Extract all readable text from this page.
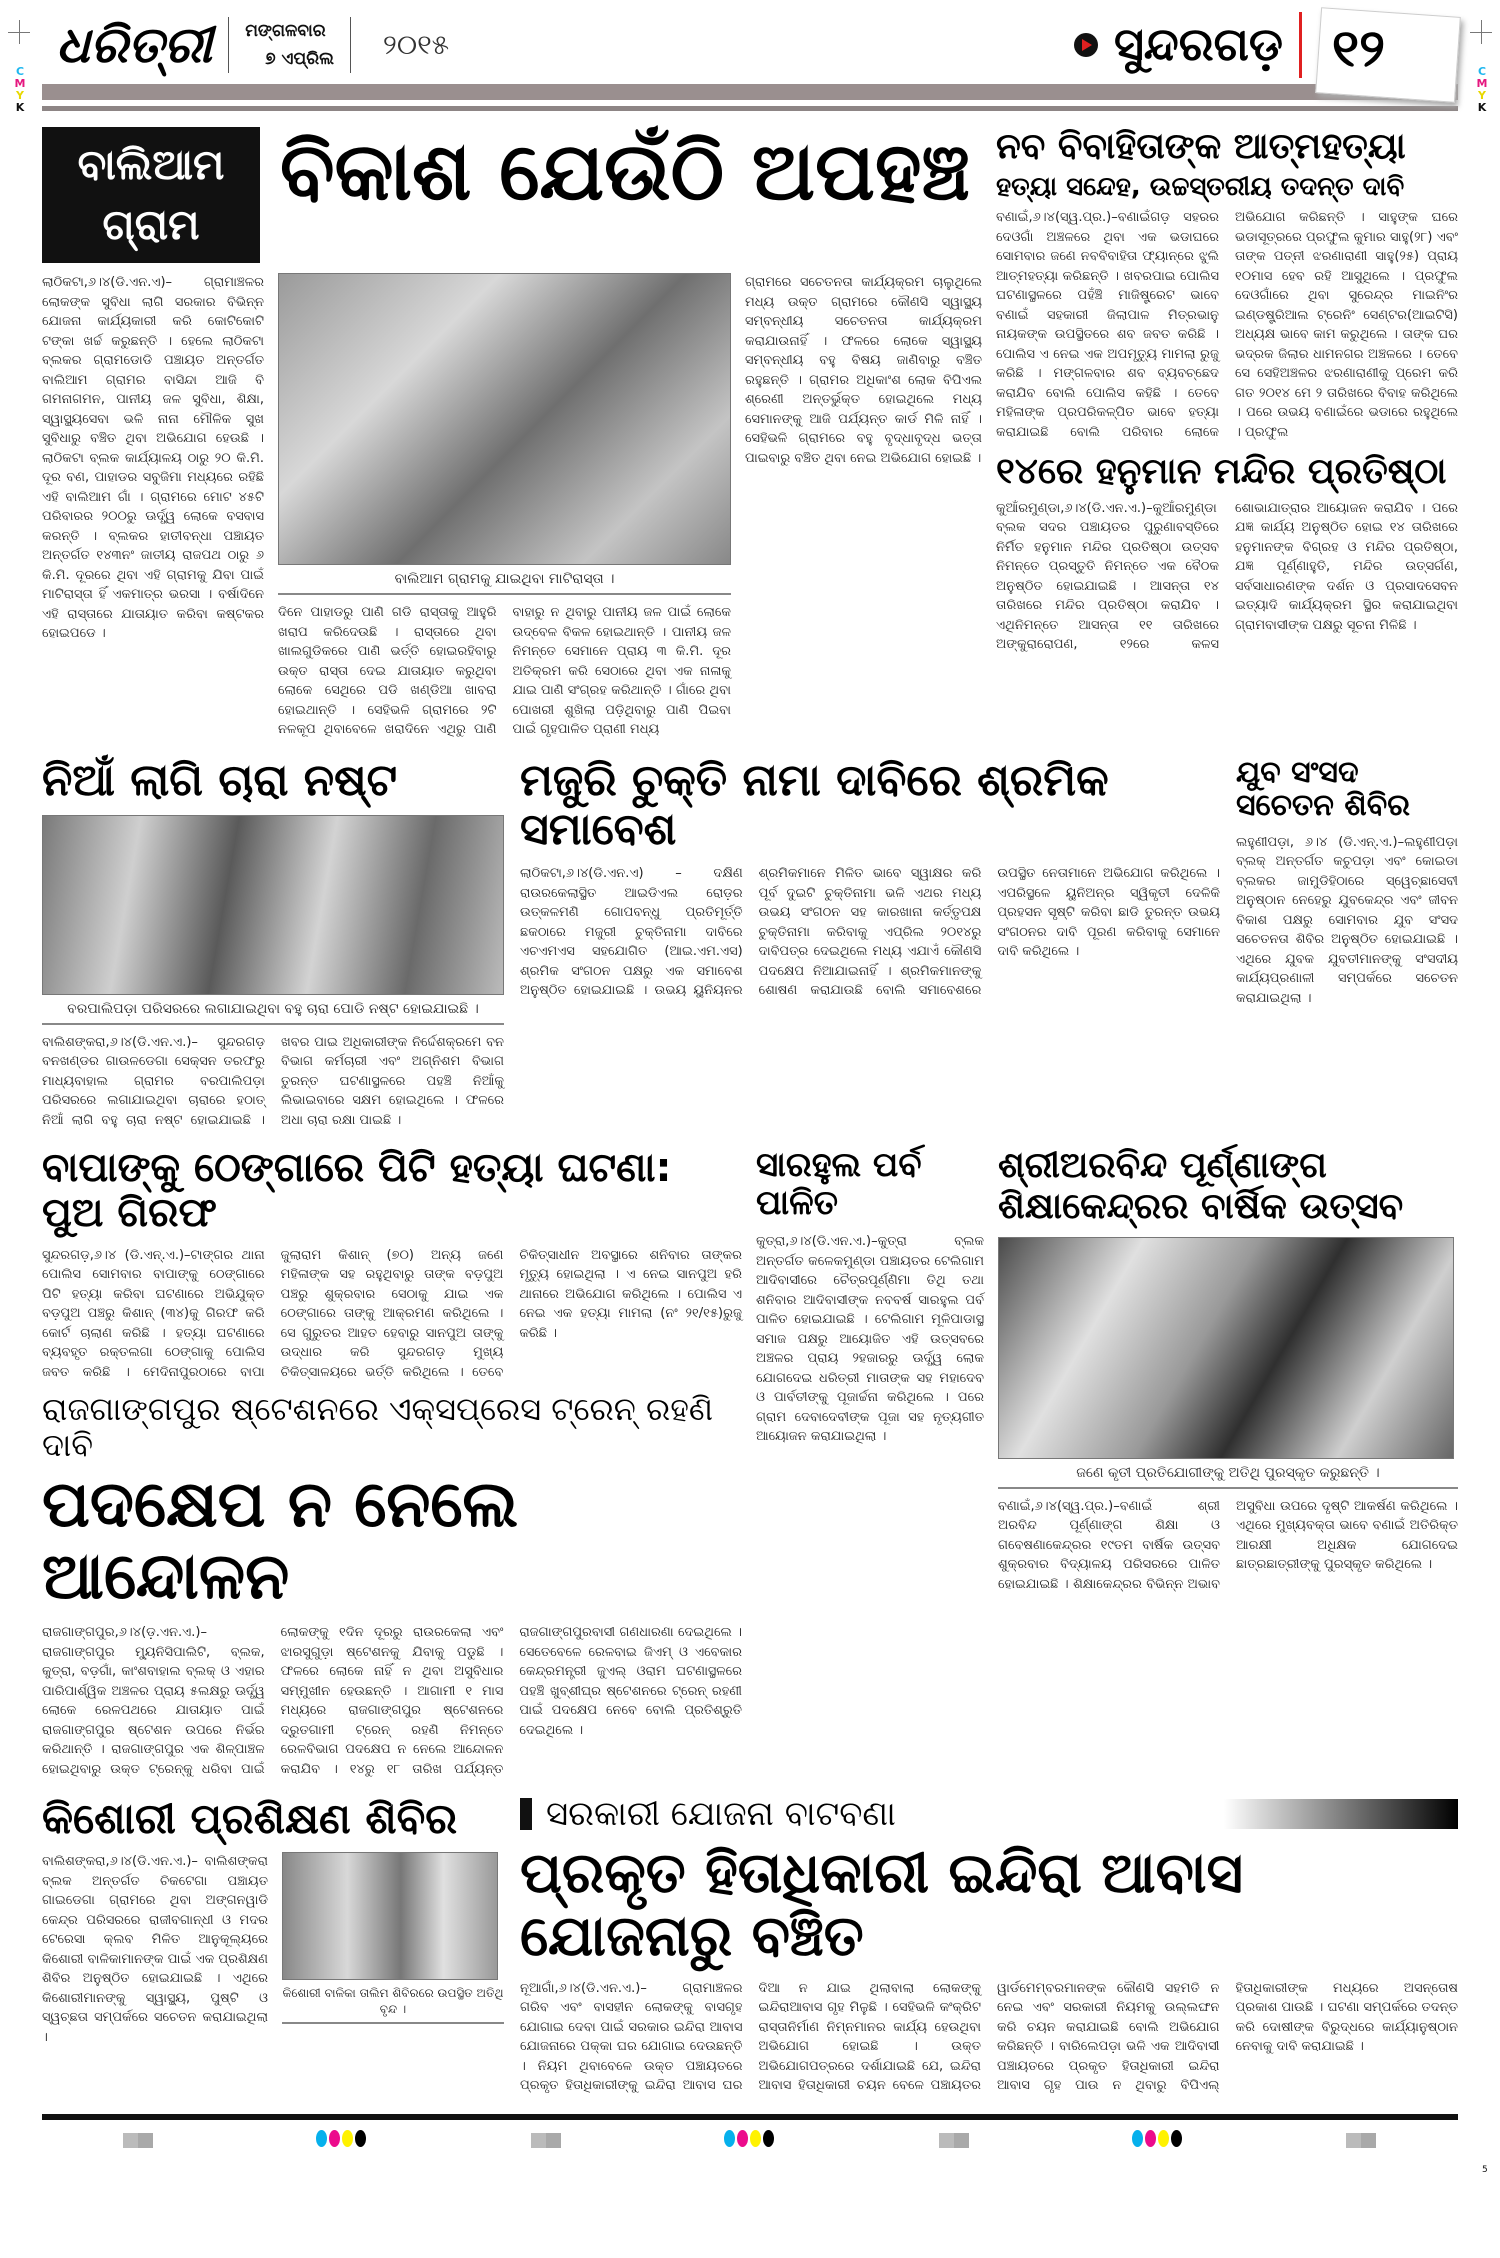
C
M
Y
K
C
M
Y
K
ଧରିତ୍ରୀ ମଙ୍ଗଳବାର
୭ ଏପ୍ରିଲ	୨୦୧୫	ସୁନ୍ଦରଗଡ଼ ୧୨
ବାଲିଆମ ଗ୍ରାମ
ବିକାଶ ଯେଉଁଠି ଅପହଞ୍ଚ
ଲାଠିକଟା,୬।୪(ଡି.ଏନ.ଏ)– ଗ୍ରାମାଞ୍ଚଳର ଲୋକଙ୍କ ସୁବିଧା ଲାଗି ସରକାର ବିଭିନ୍ନ ଯୋଜନା କାର୍ଯ୍ୟକାରୀ କରି କୋଟିକୋଟି ଟଙ୍କା ଖର୍ଚ୍ଚ କରୁଛନ୍ତି । ହେଲେ ଲାଠିକଟା ବ୍ଲକର ଗ୍ରାମଡୋଡି ପଞ୍ଚାୟତ ଅନ୍ତର୍ଗତ ବାଲିଆମ ଗ୍ରାମର ବାସିନ୍ଦା ଆଜି ବି ଗମନାଗମନ, ପାନୀୟ ଜଳ ସୁବିଧା, ଶିକ୍ଷା, ସ୍ୱାସ୍ଥ୍ୟସେବା ଭଳି ନାନା ମୌଳିକ ସୁଖ ସୁବିଧାରୁ ବଞ୍ଚିତ ଥିବା ଅଭିଯୋଗ ହେଉଛି । ଲାଠିକଟା ବ୍ଲକ କାର୍ଯ୍ୟାଳୟ ଠାରୁ ୨୦ କି.ମି. ଦୂର ବଣ, ପାହାଡର ସବୁଜିମା ମଧ୍ୟରେ ରହିଛି ଏହି ବାଲିଆମ ଗାଁ । ଗ୍ରାମରେ ମୋଟ ୪୫ଟି ପରିବାରର ୨୦୦ରୁ ଊର୍ଦ୍ଧ୍ୱ ଲୋକେ ବସବାସ କରନ୍ତି । ବ୍ଲକର ହାତୀବନ୍ଧା ପଞ୍ଚାୟତ ଅନ୍ତର୍ଗତ ୧୪୩ନଂ ଜାତୀୟ ରାଜପଥ ଠାରୁ ୬ କି.ମି. ଦୂରରେ ଥିବା ଏହି ଗ୍ରାମକୁ ଯିବା ପାଇଁ ମାଟିରାସ୍ତା ହିଁ ଏକମାତ୍ର ଭରସା । ବର୍ଷାଦିନେ ଏହି ରାସ୍ତାରେ ଯାତାୟାତ କରିବା କଷ୍ଟକର ହୋଇପଡେ ।
ବାଲିଆମ ଗ୍ରାମକୁ ଯାଇଥିବା ମାଟିରାସ୍ତା ।
ଦିନେ ପାହାଡରୁ ପାଣି ଗଡି ରାସ୍ତାକୁ ଆହୁରି ଖରାପ କରିଦେଉଛି । ରାସ୍ତାରେ ଥିବା ଖାଲଗୁଡିକରେ ପାଣି ଭର୍ତ୍ତି ହୋଇରହିବାରୁ ଉକ୍ତ ରାସ୍ତା ଦେଇ ଯାତାୟାତ କରୁଥିବା ଲୋକେ ସେଥିରେ ପଡି ଖଣ୍ଡିଆ ଖାବରା ହୋଇଥାନ୍ତି । ସେହିଭଳି ଗ୍ରାମରେ ୨ଟି ନଳକୂପ ଥିବାବେଳେ ଖରାଦିନେ ଏଥିରୁ ପାଣି ବାହାରୁ ନ ଥିବାରୁ ପାନୀୟ ଜଳ ପାଇଁ ଲୋକେ ଉଦ୍ବେଳ ବିକଳ ହୋଇଥାନ୍ତି । ପାନୀୟ ଜଳ ନିମନ୍ତେ ସେମାନେ ପ୍ରାୟ ୩ କି.ମି. ଦୂର ଅତିକ୍ରମ କରି ସେଠାରେ ଥିବା ଏକ ନାଳାକୁ ଯାଇ ପାଣି ସଂଗ୍ରହ କରିଥାନ୍ତି । ଗାଁରେ ଥିବା ପୋଖରୀ ଶୁଖିଲା ପଡ଼ିଥିବାରୁ ପାଣି ପିଇବା ପାଇଁ ଗୃହପାଳିତ ପ୍ରାଣୀ ମଧ୍ୟ
ଗ୍ରାମରେ ସଚେତନତା କାର୍ଯ୍ୟକ୍ରମ ଚାଲୁଥିଲେ ମଧ୍ୟ ଉକ୍ତ ଗ୍ରାମରେ କୌଣସି ସ୍ୱାସ୍ଥ୍ୟ ସମ୍ବନ୍ଧୀୟ ସଚେତନତା କାର୍ଯ୍ୟକ୍ରମ କରାଯାଉନାହିଁ । ଫଳରେ ଲୋକେ ସ୍ୱାସ୍ଥ୍ୟ ସମ୍ବନ୍ଧୀୟ ବହୁ ବିଷୟ ଜାଣିବାରୁ ବଞ୍ଚିତ ରହୁଛନ୍ତି । ଗ୍ରାମର ଅଧିକାଂଶ ଲୋକ ବିପିଏଲ ଶ୍ରେଣୀ ଅନ୍ତର୍ଭୁକ୍ତ ହୋଇଥିଲେ ମଧ୍ୟ ସେମାନଙ୍କୁ ଆଜି ପର୍ଯ୍ୟନ୍ତ କାର୍ଡ ମିଳି ନାହିଁ । ସେହିଭଳି ଗ୍ରାମରେ ବହୁ ବୃଦ୍ଧାବୃଦ୍ଧ ଭତ୍ତା ପାଇବାରୁ ବଞ୍ଚିତ ଥିବା ନେଇ ଅଭିଯୋଗ ହୋଇଛି ।
ନବ ବିବାହିତାଙ୍କ ଆତ୍ମହତ୍ୟା
ହତ୍ୟା ସନ୍ଦେହ, ଉଚ୍ଚସ୍ତରୀୟ ତଦନ୍ତ ଦାବି
ବଣାଇଁ,୬।୪(ସ୍ୱ.ପ୍ର.)–ବଣାଇଁଗଡ଼ ସହରର ଦେଓଗାଁ ଅଞ୍ଚଳରେ ଥିବା ଏକ ଭଡାଘରେ ସୋମବାର ଜଣେ ନବବିବାହିତା ଫ୍ୟାନ୍‌ରେ ଝୁଲି ଆତ୍ମହତ୍ୟା କରିଛନ୍ତି । ଖବରପାଇ ପୋଲିସ ଘଟଣାସ୍ଥଳରେ ପହଁଞ୍ଚି ମାଜିଷ୍ଟ୍ରେଟ ଭାବେ ବଣାଇଁ ସହକାରୀ ଜିଲାପାଳ ମିତ୍ରଭାନୁ ନାୟକଙ୍କ ଉପସ୍ଥିତରେ ଶବ ଜବତ କରିଛି । ପୋଲିସ ଏ ନେଇ ଏକ ଅପମୃତ୍ୟୁ ମାମଲା ରୁଜୁ କରିଛି । ମଙ୍ଗଳବାର ଶବ ବ୍ୟବଚ୍ଛେଦ କରାଯିବ ବୋଲି ପୋଲିସ କହିଛି । ତେବେ ମହିଳାଙ୍କ ପ୍ରପରିକଳ୍ପିତ ଭାବେ ହତ୍ୟା କରାଯାଇଛି ବୋଲି ପରିବାର ଲୋକେ ଅଭିଯୋଗ କରିଛନ୍ତି । ସାହୁଙ୍କ ଘରେ ଭଡାସୂତ୍ରରେ ପ୍ରଫୁଲ କୁମାର ସାହୁ(୨୮) ଏବଂ ତାଙ୍କ ପତ୍ନୀ ଝରଣାରାଣୀ ସାହୁ(୨୫) ପ୍ରାୟ ୧୦ମାସ ହେବ ରହି ଆସୁଥିଲେ । ପ୍ରଫୁଲ ଦେଓଗାଁରେ ଥିବା ସୁରେନ୍ଦ୍ର ମାଇନିଂର ଇଣ୍ଡଷ୍ଟ୍ରିଆଲ ଟ୍ରେନିଂ ସେଣ୍ଟର(ଆଇଟିସି) ଅଧ୍ୟକ୍ଷ ଭାବେ କାମ କରୁଥିଲେ । ତାଙ୍କ ଘର ଭଦ୍ରକ ଜିଲାର ଧାମନଗର ଅଞ୍ଚଳରେ । ତେବେ ସେ ସେହିଅଞ୍ଚଳର ଝରଣାରାଣୀକୁ ପ୍ରେମ କରି ଗତ ୨୦୧୪ ମେ ୨ ତାରିଖରେ ବିବାହ କରିଥିଲେ । ପରେ ଉଭୟ ବଣାଇଁରେ ଭଡାରେ ରହୁଥିଲେ । ପ୍ରଫୁଲ
୧୪ରେ ହନୁମାନ ମନ୍ଦିର ପ୍ରତିଷ୍ଠା
କୁଆଁରମୁଣ୍ଡା,୬।୪(ଡି.ଏନ.ଏ.)–କୁଆଁରମୁଣ୍ଡା ବ୍ଲକ ସଦର ପଞ୍ଚାୟତର ପୁରୁଣାବସ୍ତିରେ ନିର୍ମିତ ହନୁମାନ ମନ୍ଦିର ପ୍ରତିଷ୍ଠା ଉତ୍ସବ ନିମନ୍ତେ ପ୍ରସ୍ତୁତି ନିମନ୍ତେ ଏକ ବୈଠକ ଅନୁଷ୍ଠିତ ହୋଇଯାଇଛି । ଆସନ୍ତା ୧୪ ତାରିଖରେ ମନ୍ଦିର ପ୍ରତିଷ୍ଠା କରାଯିବ । ଏଥିନିମନ୍ତେ ଆସନ୍ତା ୧୧ ତାରିଖରେ ଅଙ୍କୁରାରୋପଣ, ୧୨ରେ କଳସ ଶୋଭାଯାତ୍ରାର ଆୟୋଜନ କରାଯିବ । ପରେ ଯଜ୍ଞ କାର୍ଯ୍ୟ ଅନୁଷ୍ଠିତ ହୋଇ ୧୪ ତାରିଖରେ ହନୁମାନଙ୍କ ବିଗ୍ରହ ଓ ମନ୍ଦିର ପ୍ରତିଷ୍ଠା, ଯଜ୍ଞ ପୂର୍ଣ୍ଣାହୁତି, ମନ୍ଦିର ଉତ୍ସର୍ଗଣ, ସର୍ବସାଧାରଣଙ୍କ ଦର୍ଶନ ଓ ପ୍ରସାଦସେବନ ଇତ୍ୟାଦି କାର୍ଯ୍ୟକ୍ରମ ସ୍ଥିର କରାଯାଇଥିବା ଗ୍ରାମବାସୀଙ୍କ ପକ୍ଷରୁ ସୂଚନା ମିଳିଛି ।
ନିଆଁ ଲାଗି ଚାରା ନଷ୍ଟ
ବରପାଲିପଡ଼ା ପରିସରରେ ଲଗାଯାଇଥିବା ବହୁ ଚାରା ପୋଡି ନଷ୍ଟ ହୋଇଯାଇଛି ।
ବାଲିଶଙ୍କରା,୬।୪(ଡି.ଏନ.ଏ.)– ସୁନ୍ଦରଗଡ଼ ବନଖଣ୍ଡର ଗାଉଳଡେଗା ସେକ୍ସନ ତରଫରୁ ମାଧ୍ୟବାହାଲ ଗ୍ରାମର ବରପାଲିପଡ଼ା ପରିସରରେ ଲଗାଯାଇଥିବା ଚାରାରେ ହଠାତ୍ ନିଆଁ ଲାଗି ବହୁ ଚାରା ନଷ୍ଟ ହୋଇଯାଇଛି । ଖବର ପାଇ ଅଧିକାରୀଙ୍କ ନିର୍ଦ୍ଦେଶକ୍ରମେ ବନ ବିଭାଗ କର୍ମଚାରୀ ଏବଂ ଅଗ୍ନିଶମ ବିଭାଗ ତୁରନ୍ତ ଘଟଣାସ୍ଥଳରେ ପହଞ୍ଚି ନିଆଁକୁ ଲିଭାଇବାରେ ସକ୍ଷମ ହୋଇଥିଲେ । ଫଳରେ ଅଧା ଚାରା ରକ୍ଷା ପାଇଛି ।
ମଜୁରି ଚୁକ୍ତି ନାମା ଦାବିରେ ଶ୍ରମିକ ସମାବେଶ
ଲାଠିକଟା,୬।୪(ଡି.ଏନ.ଏ) – ଦକ୍ଷିଣ ରାଉରକେଲାସ୍ଥିତ ଆଇଡିଏଲ ରୋଡ଼ର ଉତ୍କଳମଣି ଗୋପବନ୍ଧୁ ପ୍ରତିମୂର୍ତ୍ତି ଛକଠାରେ ମଜୁରୀ ଚୁକ୍ତିନାମା ଦାବିରେ ଏଚଏମଏସ ସହଯୋଗିତ (ଆଇ.ଏମ.ଏସ) ଶ୍ରମିକ ସଂଗଠନ ପକ୍ଷରୁ ଏକ ସମାବେଶ ଅନୁଷ୍ଠିତ ହୋଇଯାଇଛି । ଉଭୟ ୟୁନିୟନର ଶ୍ରମିକମାନେ ମିଳିତ ଭାବେ ସ୍ୱାକ୍ଷର କରି ପୂର୍ବ ଦୁଇଟି ଚୁକ୍ତିନାମା ଭଳି ଏଥର ମଧ୍ୟ ଉଭୟ ସଂଗଠନ ସହ କାରଖାନା କର୍ତ୍ତୃପକ୍ଷ ଚୁକ୍ତିନାମା କରିବାକୁ ଏପ୍ରିଲ ୨୦୧୪ରୁ ଦାବିପତ୍ର ଦେଇଥିଲେ ମଧ୍ୟ ଏଯାଏଁ କୌଣସି ପଦକ୍ଷେପ ନିଆଯାଇନାହିଁ । ଶ୍ରମିକମାନଙ୍କୁ ଶୋଷଣ କରାଯାଉଛି ବୋଲି ସମାବେଶରେ ଉପସ୍ଥିତ ନେତାମାନେ ଅଭିଯୋଗ କରିଥିଲେ । ଏପରିସ୍ଥଳେ ୟୁନିଅନ୍‌ର ସ୍ୱିକୃତୀ ଦେଳିକି ପ୍ରହସନ ସୃଷ୍ଟି କରିବା ଛାଡି ତୁରନ୍ତ ଉଭୟ ସଂଗଠନର ଦାବି ପୂରଣ କରିବାକୁ ସେମାନେ ଦାବି କରିଥିଲେ ।
ଯୁବ ସଂସଦ ସଚେତନ ଶିବିର
ଲହୁଣୀପଡ଼ା, ୬।୪ (ଡି.ଏନ୍.ଏ.)–ଲହୁଣୀପଡ଼ା ବ୍ଲକ୍ ଅନ୍ତର୍ଗତ କଚୁପଡ଼ା ଏବଂ କୋଇଡା ବ୍ଲକର ଜାମୁଡିହିଠାରେ ସ୍ୱେଚ୍ଛାସେବୀ ଅନୁଷ୍ଠାନ ନେହେରୁ ଯୁବକେନ୍ଦ୍ର ଏବଂ ଜୀବନ ବିକାଶ ପକ୍ଷରୁ ସୋମବାର ଯୁବ ସଂସଦ ସଚେତନତା ଶିବିର ଅନୁଷ୍ଠିତ ହୋଇଯାଇଛି । ଏଥିରେ ଯୁବକ ଯୁବତୀମାନଙ୍କୁ ସଂସଦୀୟ କାର୍ଯ୍ୟପ୍ରଣାଳୀ ସମ୍ପର୍କରେ ସଚେତନ କରାଯାଇଥିଲା ।
ବାପାଙ୍କୁ ଠେଙ୍ଗାରେ ପିଟି ହତ୍ୟା ଘଟଣା: ପୁଅ ଗିରଫ
ସୁନ୍ଦରଗଡ଼,୬।୪ (ଡି.ଏନ୍.ଏ.)–ଟାଙ୍ଗର ଥାନା ପୋଲିସ ସୋମବାର ବାପାଙ୍କୁ ଠେଙ୍ଗାରେ ପିଟି ହତ୍ୟା କରିବା ଘଟଣାରେ ଅଭିଯୁକ୍ତ ବଡ଼ପୁଅ ପଞ୍ଚରୁ କିଶାନ୍ (୩୪)କୁ ଗିରଫ କରି କୋର୍ଟ ଚାଲାଣ କରିଛି । ହତ୍ୟା ଘଟଣାରେ ବ୍ୟବହୃତ ରକ୍ତଲଗା ଠେଙ୍ଗାକୁ ପୋଲିସ ଜବତ କରିଛି । ମେଦିନାପୁରଠାରେ ବାପା ଜୁଲାରାମ କିଶାନ୍ (୭୦) ଅନ୍ୟ ଜଣେ ମହିଳାଙ୍କ ସହ ରହୁଥିବାରୁ ତାଙ୍କ ବଡ଼ପୁଅ ପଞ୍ଚରୁ ଶୁକ୍ରବାର ସେଠାକୁ ଯାଇ ଏକ ଠେଙ୍ଗାରେ ତାଙ୍କୁ ଆକ୍ରମଣ କରିଥିଲେ । ସେ ଗୁରୁତର ଆହତ ହେବାରୁ ସାନପୁଅ ତାଙ୍କୁ ଉଦ୍ଧାର କରି ସୁନ୍ଦରଗଡ଼ ମୁଖ୍ୟ ଚିକିତ୍ସାଳୟରେ ଭର୍ତ୍ତି କରିଥିଲେ । ତେବେ ଚିକିତ୍ସାଧୀନ ଅବସ୍ଥାରେ ଶନିବାର ତାଙ୍କର ମୃତ୍ୟୁ ହୋଇଥିଲା । ଏ ନେଇ ସାନପୁଅ ହରି ଥାନାରେ ଅଭିଯୋଗ କରିଥିଲେ । ପୋଲିସ ଏ ନେଇ ଏକ ହତ୍ୟା ମାମଲା (ନଂ ୨୧/୧୫)ରୁଜୁ କରିଛି ।
ରାଜଗାଙ୍ଗପୁର ଷ୍ଟେଶନରେ ଏକ୍ସପ୍ରେସ ଟ୍ରେନ୍ ରହଣି ଦାବି
ପଦକ୍ଷେପ ନ ନେଲେ ଆନ୍ଦୋଳନ
ରାଜଗାଙ୍ଗପୁର,୬।୪(ଡ଼.ଏନ.ଏ.)–ରାଜଗାଙ୍ଗପୁର ମ୍ୟୁନିସିପାଲିଟି, ବ୍ଲକ, କୁତ୍ରା, ବଡ଼ଗାଁ, କାଂଶବାହାଲ ବ୍ଲକ୍ ଓ ଏହାର ପାରିପାର୍ଶ୍ୱିକ ଅଞ୍ଚଳର ପ୍ରାୟ ୫ଲକ୍ଷରୁ ଊର୍ଦ୍ଧ୍ୱ ଲୋକେ ରେଳପଥରେ ଯାତାୟାତ ପାଇଁ ରାଜଗାଙ୍ଗପୁର ଷ୍ଟେଶନ ଉପରେ ନିର୍ଭର କରିଥାନ୍ତି । ରାଜଗାଙ୍ଗପୁର ଏକ ଶିଳ୍ପାଞ୍ଚଳ ହୋଇଥିବାରୁ ଉକ୍ତ ଟ୍ରେନ୍‌କୁ ଧରିବା ପାଇଁ ଲୋକଙ୍କୁ ୧ଦିନ ଦୂରରୁ ରାଉରକେଲା ଏବଂ ଝାରସୁଗୁଡ଼ା ଷ୍ଟେଶନକୁ ଯିବାକୁ ପଡୁଛି । ଫଳରେ ଲୋକେ ନାହିଁ ନ ଥିବା ଅସୁବିଧାର ସମ୍ମୁଖୀନ ହେଉଛନ୍ତି । ଆଗାମୀ ୧ ମାସ ମଧ୍ୟରେ ରାଜଗାଙ୍ଗପୁର ଷ୍ଟେଶନରେ ଦ୍ରୁତଗାମୀ ଟ୍ରେନ୍ ରହଣି ନିମନ୍ତେ ରେଳବିଭାଗ ପଦକ୍ଷେପ ନ ନେଲେ ଆନ୍ଦୋଳନ କରାଯିବ । ୧୪ରୁ ୧୮ ତାରିଖ ପର୍ଯ୍ୟନ୍ତ ରାଜଗାଙ୍ଗପୁରବାସୀ ଗଣଧାରଣା ଦେଇଥିଲେ । ସେତେବେଳେ ରେଳବାଇ ଜିଏମ୍ ଓ ଏବେକାର କେନ୍ଦ୍ରମନ୍ତ୍ରୀ ଜୁଏଲ୍ ଓରାମ ଘଟଣାସ୍ଥଳରେ ପହଞ୍ଚି ଖୁବ୍‌ଶୀଘ୍ର ଷ୍ଟେଶନରେ ଟ୍ରେନ୍ ରହଣୀ ପାଇଁ ପଦକ୍ଷେପ ନେବେ ବୋଲି ପ୍ରତିଶ୍ରୁତି ଦେଇଥିଲେ ।
ସାରହୁଲ ପର୍ବ ପାଳିତ
କୁତ୍ରା,୬।୪(ଡି.ଏନ.ଏ.)–କୁତ୍ରା ବ୍ଲକ ଅନ୍ତର୍ଗତ କଳେକମୁଣ୍ଡା ପଞ୍ଚାୟତର ଟେଲିଗାମ ଆଦିବାସୀରେ ଚୈତ୍ରପୂର୍ଣ୍ଣିମା ତିଥି ତଥା ଶନିବାର ଆଦିବାସୀଙ୍କ ନବବର୍ଷ ସାରହୁଲ ପର୍ବ ପାଳିତ ହୋଇଯାଇଛି । ଟେଲିଗାମ ମୂଳିପାଡାସ୍ଥ ସମାଜ ପକ୍ଷରୁ ଆୟୋଜିତ ଏହି ଉତ୍ସବରେ ଅଞ୍ଚଳର ପ୍ରାୟ ୨ହଜାରରୁ ଊର୍ଦ୍ଧ୍ୱ ଲୋକ ଯୋଗଦେଇ ଧରିତ୍ରୀ ମାତାଙ୍କ ସହ ମହାଦେବ ଓ ପାର୍ବତୀଙ୍କୁ ପୂଜାର୍ଚ୍ଚନା କରିଥିଲେ । ପରେ ଗ୍ରାମ ଦେବାଦେବୀଙ୍କ ପୂଜା ସହ ନୃତ୍ୟଗୀତ ଆୟୋଜନ କରାଯାଇଥିଲା ।
ଶ୍ରୀଅରବିନ୍ଦ ପୂର୍ଣ୍ଣାଙ୍ଗ ଶିକ୍ଷାକେନ୍ଦ୍ରର ବାର୍ଷିକ ଉତ୍ସବ
ଜଣେ କୃତୀ ପ୍ରତିଯୋଗୀଙ୍କୁ ଅତିଥି ପୁରସ୍କୃତ କରୁଛନ୍ତି ।
ବଣାଇଁ,୬।୪(ସ୍ୱ.ପ୍ର.)–ବଣାଇଁ ଶ୍ରୀ ଅରବିନ୍ଦ ପୂର୍ଣ୍ଣାଙ୍ଗ ଶିକ୍ଷା ଓ ଗବେଷଣାକେନ୍ଦ୍ରର ୧୯ତମ ବାର୍ଷିକ ଉତ୍ସବ ଶୁକ୍ରବାର ବିଦ୍ୟାଳୟ ପରିସରରେ ପାଳିତ ହୋଇଯାଇଛି । ଶିକ୍ଷାକେନ୍ଦ୍ରର ବିଭିନ୍ନ ଅଭାବ ଅସୁବିଧା ଉପରେ ଦୃଷ୍ଟି ଆକର୍ଷଣ କରିଥିଲେ । ଏଥିରେ ମୁଖ୍ୟବକ୍ତା ଭାବେ ବଣାଇଁ ଅତିରିକ୍ତ ଆରକ୍ଷୀ ଅଧିକ୍ଷକ ଯୋଗଦେଇ ଛାତ୍ରଛାତ୍ରୀଙ୍କୁ ପୁରସ୍କୃତ କରିଥିଲେ ।
କିଶୋରୀ ପ୍ରଶିକ୍ଷଣ ଶିବିର
ବାଲିଶଙ୍କରା,୬।୪(ଡି.ଏନ.ଏ.)– ବାଲିଶଙ୍କରା ବ୍ଲକ ଅନ୍ତର୍ଗତ ଚିକଟେଗା ପଞ୍ଚାୟତ ଗାଇଡେଗା ଗ୍ରାମରେ ଥିବା ଅଙ୍ଗନୱାଡି କେନ୍ଦ୍ର ପରିସରରେ ରାଜୀବଗାନ୍ଧୀ ଓ ମଦର ଟେରେସା କ୍ଲବ ମିଳିତ ଆନୁକୂଲ୍ୟରେ କିଶୋରୀ ବାଳିକାମାନଙ୍କ ପାଇଁ ଏକ ପ୍ରଶିକ୍ଷଣ ଶିବିର ଅନୁଷ୍ଠିତ ହୋଇଯାଇଛି । ଏଥିରେ କିଶୋରୀମାନଙ୍କୁ ସ୍ୱାସ୍ଥ୍ୟ, ପୁଷ୍ଟି ଓ ସ୍ୱଚ୍ଛତା ସମ୍ପର୍କରେ ସଚେତନ କରାଯାଇଥିଲା ।
କିଶୋରୀ ବାଳିକା ତାଲିମ ଶିବିରରେ ଉପସ୍ଥିତ ଅତିଥି ବୃନ୍ଦ ।
ସରକାରୀ ଯୋଜନା ବାଟବଣା
ପ୍ରକୃତ ହିତାଧିକାରୀ ଇନ୍ଦିରା ଆବାସ ଯୋଜନାରୁ ବଞ୍ଚିତ
ନୂଆଗାଁ,୬।୪(ଡି.ଏନ.ଏ.)– ଗ୍ରାମାଞ୍ଚଳର ଗରିବ ଏବଂ ବାସହୀନ ଲୋକଙ୍କୁ ବାସଗୃହ ଯୋଗାଇ ଦେବା ପାଇଁ ସରକାର ଇନ୍ଦିରା ଆବାସ ଯୋଜନାରେ ପକ୍କା ଘର ଯୋଗାଇ ଦେଉଛନ୍ତି । ନିୟମ ଥିବାବେଳେ ଉକ୍ତ ପଞ୍ଚାୟତରେ ପ୍ରକୃତ ହିତାଧିକାରୀଙ୍କୁ ଇନ୍ଦିରା ଆବାସ ଘର ଦିଆ ନ ଯାଇ ଥିଲାବାଲା ଲୋକଙ୍କୁ ଇନ୍ଦିରାଆବାସ ଗୃହ ମିଳୁଛି । ସେହିଭଳି କଂକ୍ରିଟ ରାସ୍ତାନିର୍ମାଣ ନିମ୍ନମାନର କାର୍ଯ୍ୟ ହେଉଥିବା ଅଭିଯୋଗ ହୋଇଛି । ଉକ୍ତ ଅଭିଯୋଗପତ୍ରରେ ଦର୍ଶାଯାଇଛି ଯେ, ଇନ୍ଦିରା ଆବାସ ହିତାଧିକାରୀ ଚୟନ ବେଳେ ପଞ୍ଚାୟତର ୱାର୍ଡମେମ୍ବରମାନଙ୍କ କୌଣସି ସହମତି ନ ନେଇ ଏବଂ ସରକାରୀ ନିୟମକୁ ଉଲ୍ଲଙ୍ଘନ କରି ଚୟନ କରାଯାଇଛି ବୋଲି ଅଭିଯୋଗ କରିଛନ୍ତି । ବାରିଲେପଡ଼ା ଭଳି ଏକ ଆଦିବାସୀ ପଞ୍ଚାୟତରେ ପ୍ରକୃତ ହିତାଧିକାରୀ ଇନ୍ଦିରା ଆବାସ ଗୃହ ପାଉ ନ ଥିବାରୁ ବିପିଏଲ୍ ହିତାଧିକାରୀଙ୍କ ମଧ୍ୟରେ ଅସନ୍ତୋଷ ପ୍ରକାଶ ପାଉଛି । ଘଟଣା ସମ୍ପର୍କରେ ତଦନ୍ତ କରି ଦୋଷୀଙ୍କ ବିରୁଦ୍ଧରେ କାର୍ଯ୍ୟାନୁଷ୍ଠାନ ନେବାକୁ ଦାବି କରାଯାଇଛି ।
5
